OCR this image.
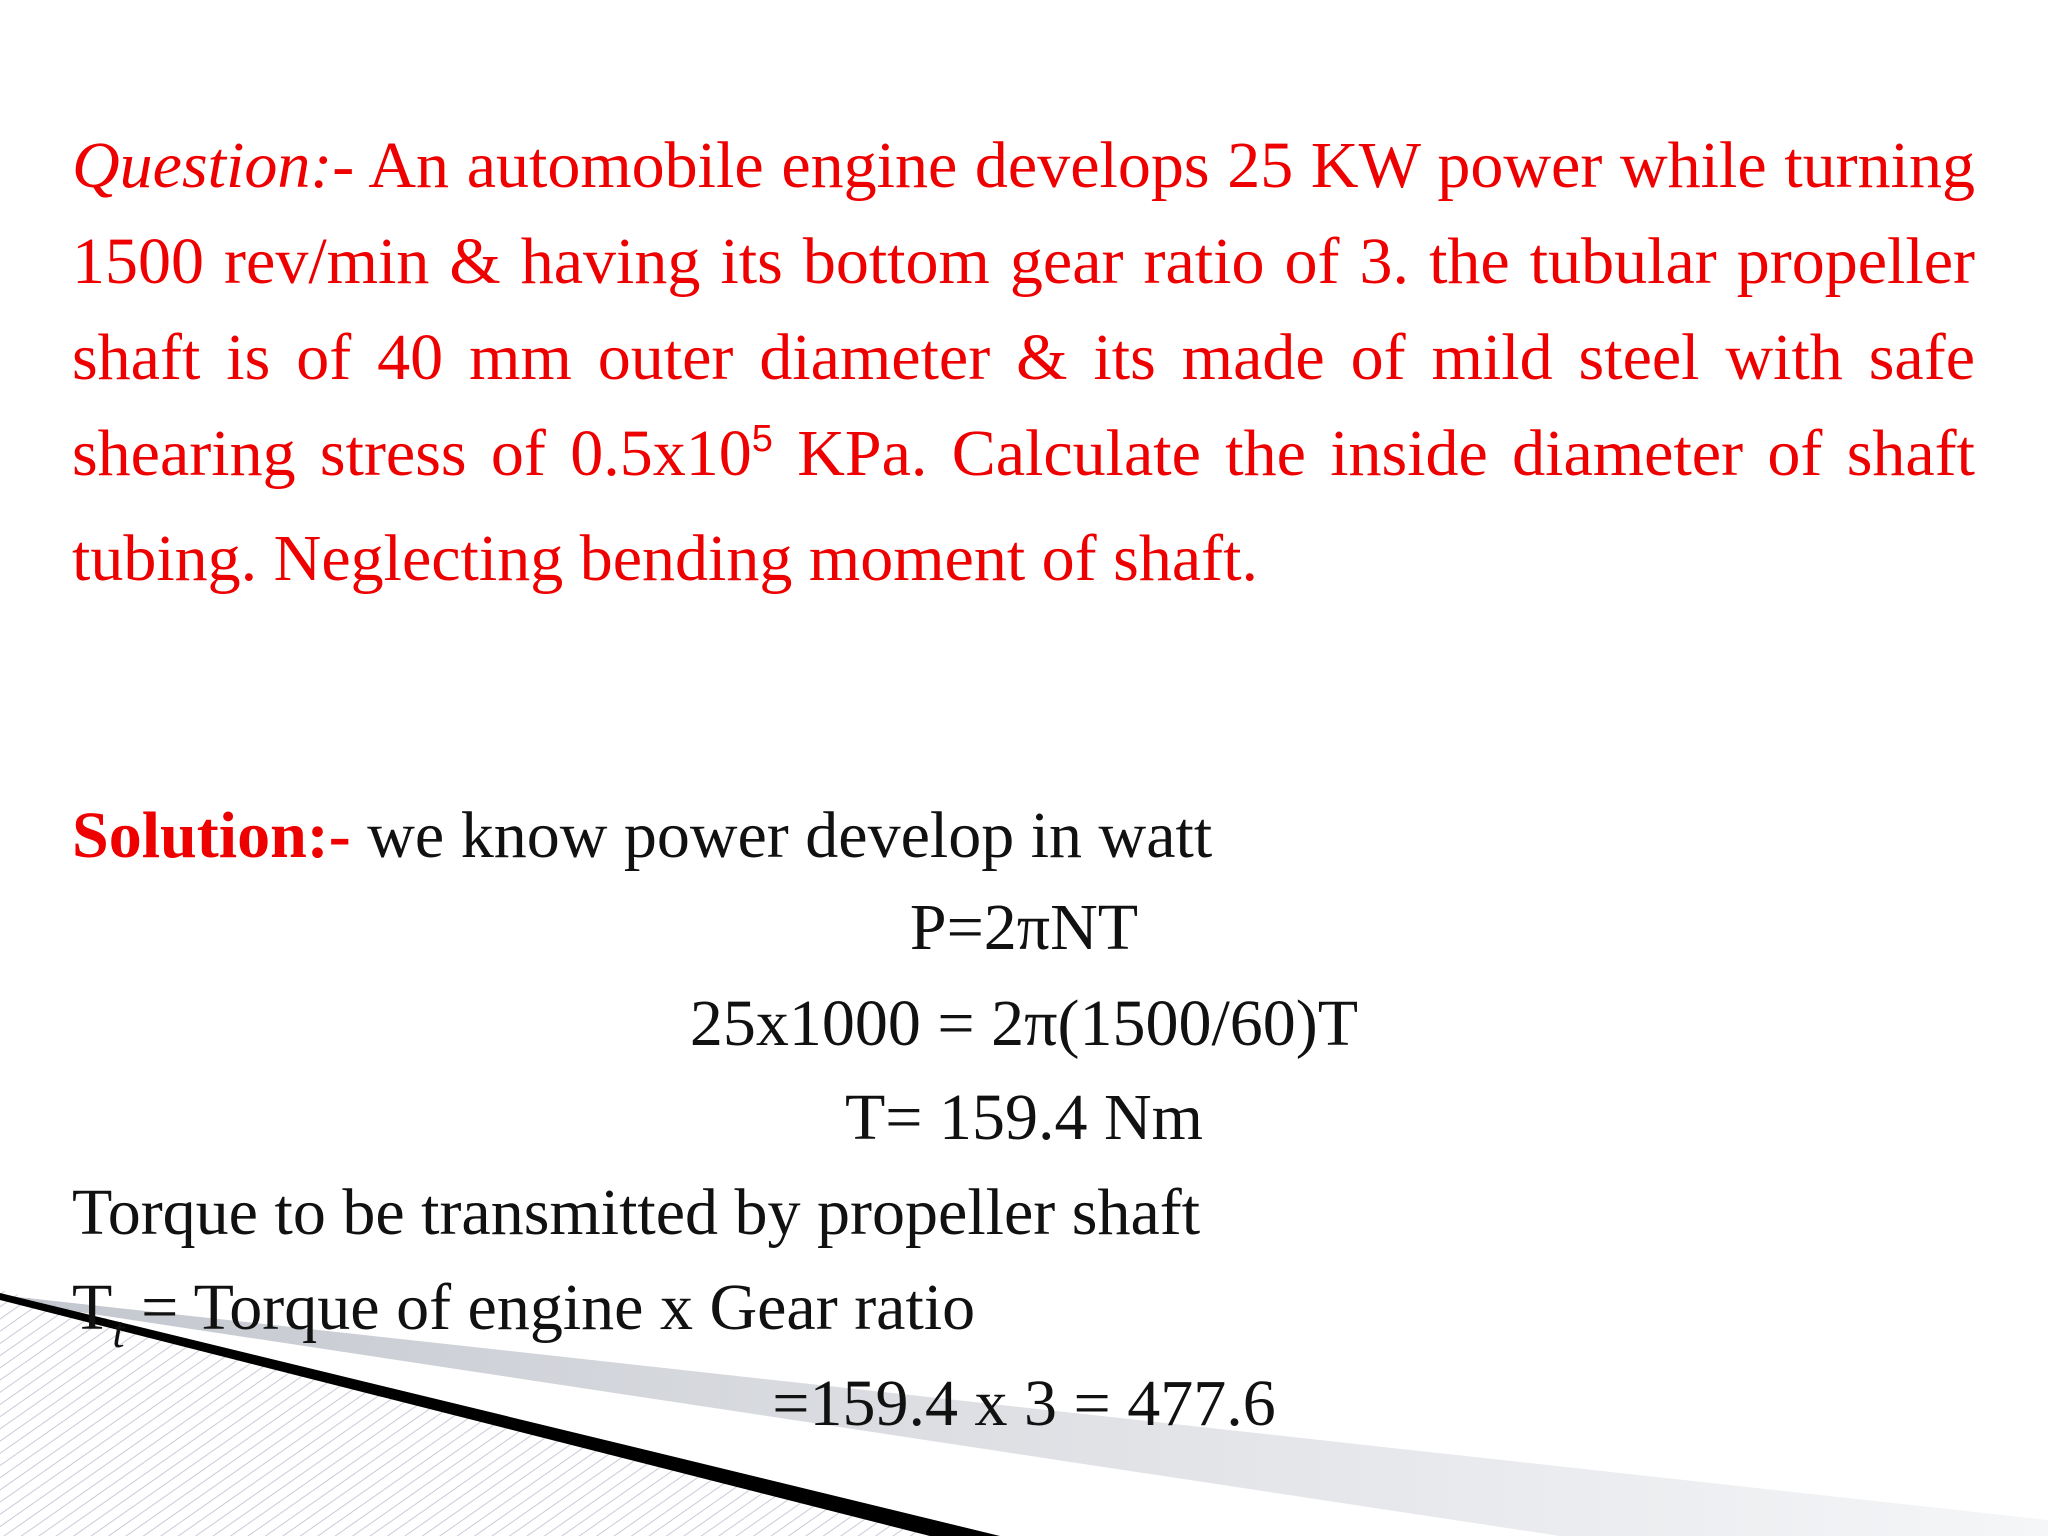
Question:- An automobile engine develops 25 KW power while turning 1500 rev/min & having its bottom gear ratio of 3. the tubular propeller shaft is of 40 mm outer diameter & its made of mild steel with safe shearing stress of $0.5x10^5$ KPa. Calculate the inside diameter of shaft tubing. Neglecting bending moment of shaft.

Solution:- we know power develop in watt

P=2πNT

25x1000 = 2π(1500/60)T

T= 159.4 Nm

Torque to be transmitted by propeller shaft

$T_t$ = Torque of engine x Gear ratio

=159.4 x 3 = 477.6
